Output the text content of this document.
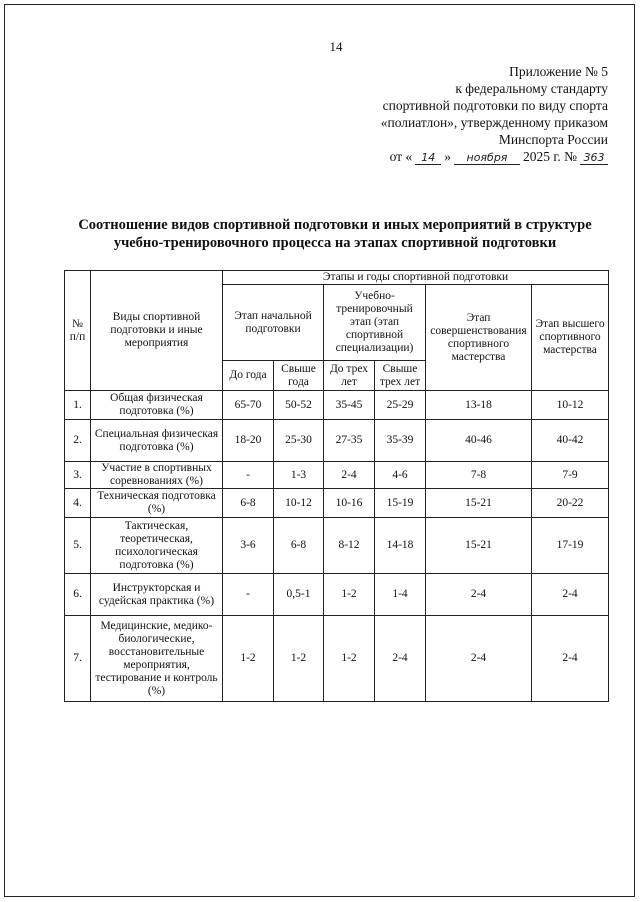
14
Приложение № 5
к федеральному стандарту
спортивной подготовки по виду спорта
«полиатлон», утвержденному приказом
Минспорта России
от « 14 »	ноября	2025 г. № 363
Соотношение видов спортивной подготовки и иных мероприятий в структуре
учебно-тренировочного процесса на этапах спортивной подготовки
№ п/п	Виды спортивной подготовки и иные мероприятия	Этапы и годы спортивной подготовки					
		Этап начальной подготовки		Учебно-тренировочный этап (этап спортивной специализации)		Этап совершенствования спортивного мастерства	Этап высшего спортивного мастерства
		До года	Свыше года	До трех лет	Свыше трех лет		
1.	Общая физическая подготовка (%)	65-70	50-52	35-45	25-29	13-18	10-12
2.	Специальная физическая подготовка (%)	18-20	25-30	27-35	35-39	40-46	40-42
3.	Участие в спортивных соревнованиях (%)	-	1-3	2-4	4-6	7-8	7-9
4.	Техническая подготовка (%)	6-8	10-12	10-16	15-19	15-21	20-22
5.	Тактическая, теоретическая, психологическая подготовка (%)	3-6	6-8	8-12	14-18	15-21	17-19
6.	Инструкторская и судейская практика (%)	-	0,5-1	1-2	1-4	2-4	2-4
7.	Медицинские, медико-биологические, восстановительные мероприятия, тестирование и контроль (%)	1-2	1-2	1-2	2-4	2-4	2-4
